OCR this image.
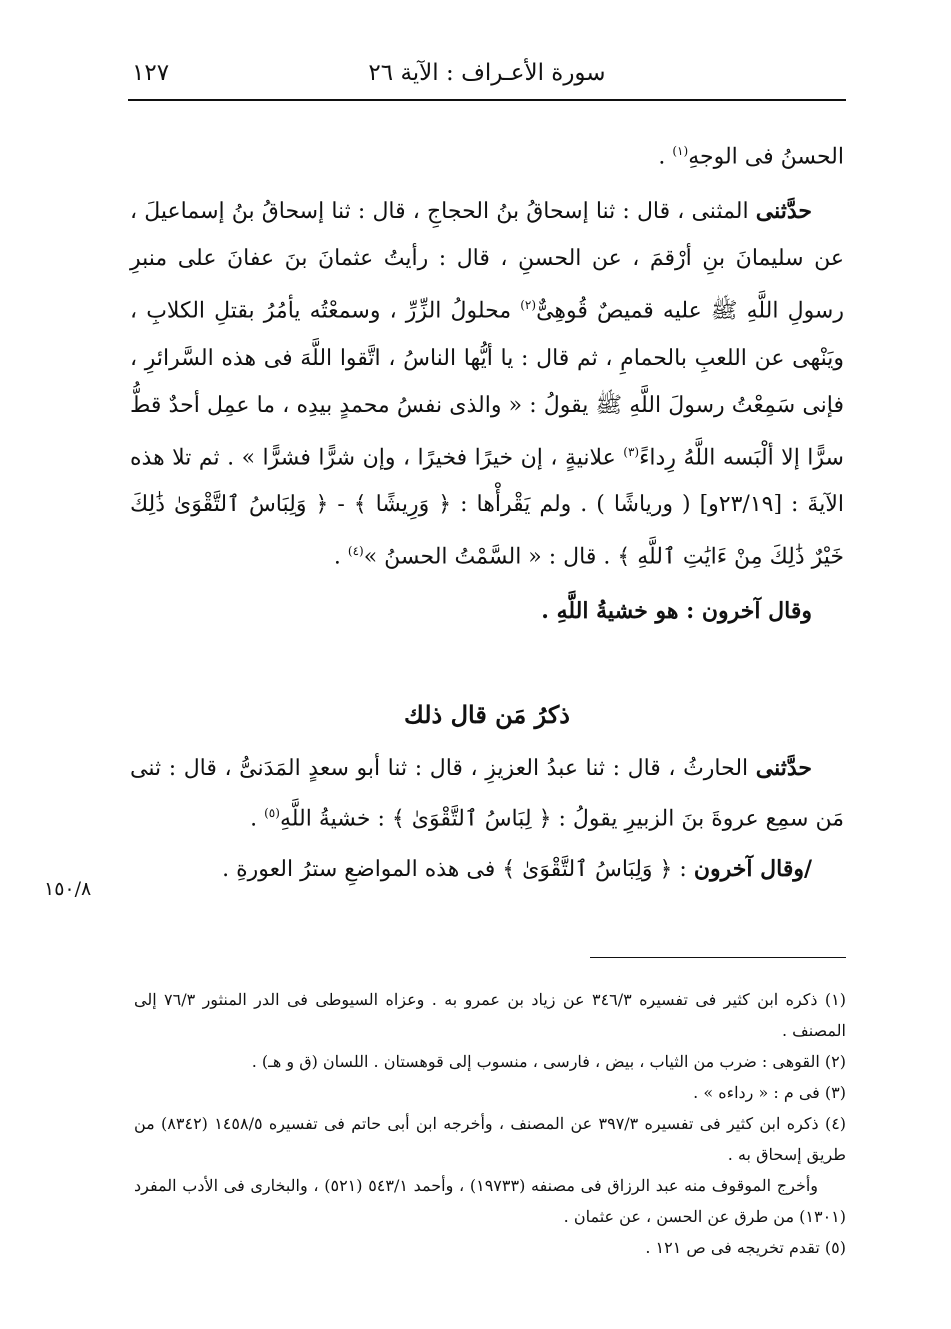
سورة الأعـراف : الآية ٢٦
١٢٧

الحسنُ فى الوجهِ$^{(١)}$ .

حدَّثنى المثنى ، قال : ثنا إسحاقُ بنُ الحجاجِ ، قال : ثنا إسحاقُ بنُ إسماعيلَ ، عن سليمانَ بنِ أرْقمَ ، عن الحسنِ ، قال : رأيتُ عثمانَ بنَ عفانَ على منبرِ رسولِ اللَّهِ ﷺ عليه قميصٌ قُوهِىٌّ$^{(٢)}$ محلولُ الزِّرِّ ، وسمعْتُه يأمُرُ بقتلِ الكلابِ ، ويَنْهى عن اللعبِ بالحمامِ ، ثم قال : يا أيُّها الناسُ ، اتَّقوا اللَّهَ فى هذه السَّرائرِ ، فإنى سَمِعْتُ رسولَ اللَّهِ ﷺ يقولُ : « والذى نفسُ محمدٍ بيدِه ، ما عمِل أحدٌ قطُّ سرًّا إلا ألْبَسه اللَّهُ رِداءً$^{(٣)}$ علانيةٍ ، إن خيرًا فخيرًا ، وإن شرًّا فشرًّا » . ثم تلا هذه الآيةَ : [٢٣/١٩و] ( ورياشًا ) . ولم يَقْرأْها : ﴿ وَرِيشًا ﴾ - ﴿ وَلِبَاسُ ٱلتَّقْوَىٰ ذَٰلِكَ خَيْرٌ ذَٰلِكَ مِنْ ءَايَٰتِ ٱللَّهِ ﴾ . قال : « السَّمْتُ الحسنُ »$^{(٤)}$ .

وقال آخرون : هو خشيةُ اللَّهِ .

ذكرُ مَن قال ذلك

حدَّثنى الحارثُ ، قال : ثنا عبدُ العزيزِ ، قال : ثنا أبو سعدٍ المَدَنىُّ ، قال : ثنى مَن سمِع عروةَ بنَ الزبيرِ يقولُ : ﴿ لِبَاسُ ٱلتَّقْوَىٰ ﴾ : خشيةُ اللَّهِ$^{(٥)}$ .

/وقال آخرون : ﴿ وَلِبَاسُ ٱلتَّقْوَىٰ ﴾ فى هذه المواضعِ سترُ العورةِ .

١٥٠/٨

(١) ذكره ابن كثير فى تفسيره ٣٤٦/٣ عن زياد بن عمرو به . وعزاه السيوطى فى الدر المنثور ٧٦/٣ إلى المصنف .

(٢) القوهى : ضرب من الثياب ، بيض ، فارسى ، منسوب إلى قوهستان . اللسان (ق و هـ) .

(٣) فى م : « رداءه » .

(٤) ذكره ابن كثير فى تفسيره ٣٩٧/٣ عن المصنف ، وأخرجه ابن أبى حاتم فى تفسيره ١٤٥٨/٥ (٨٣٤٢) من طريق إسحاق به .

وأخرج الموقوف منه عبد الرزاق فى مصنفه (١٩٧٣٣) ، وأحمد ٥٤٣/١ (٥٢١) ، والبخارى فى الأدب المفرد (١٣٠١) من طرق عن الحسن ، عن عثمان .

(٥) تقدم تخريجه فى ص ١٢١ .
